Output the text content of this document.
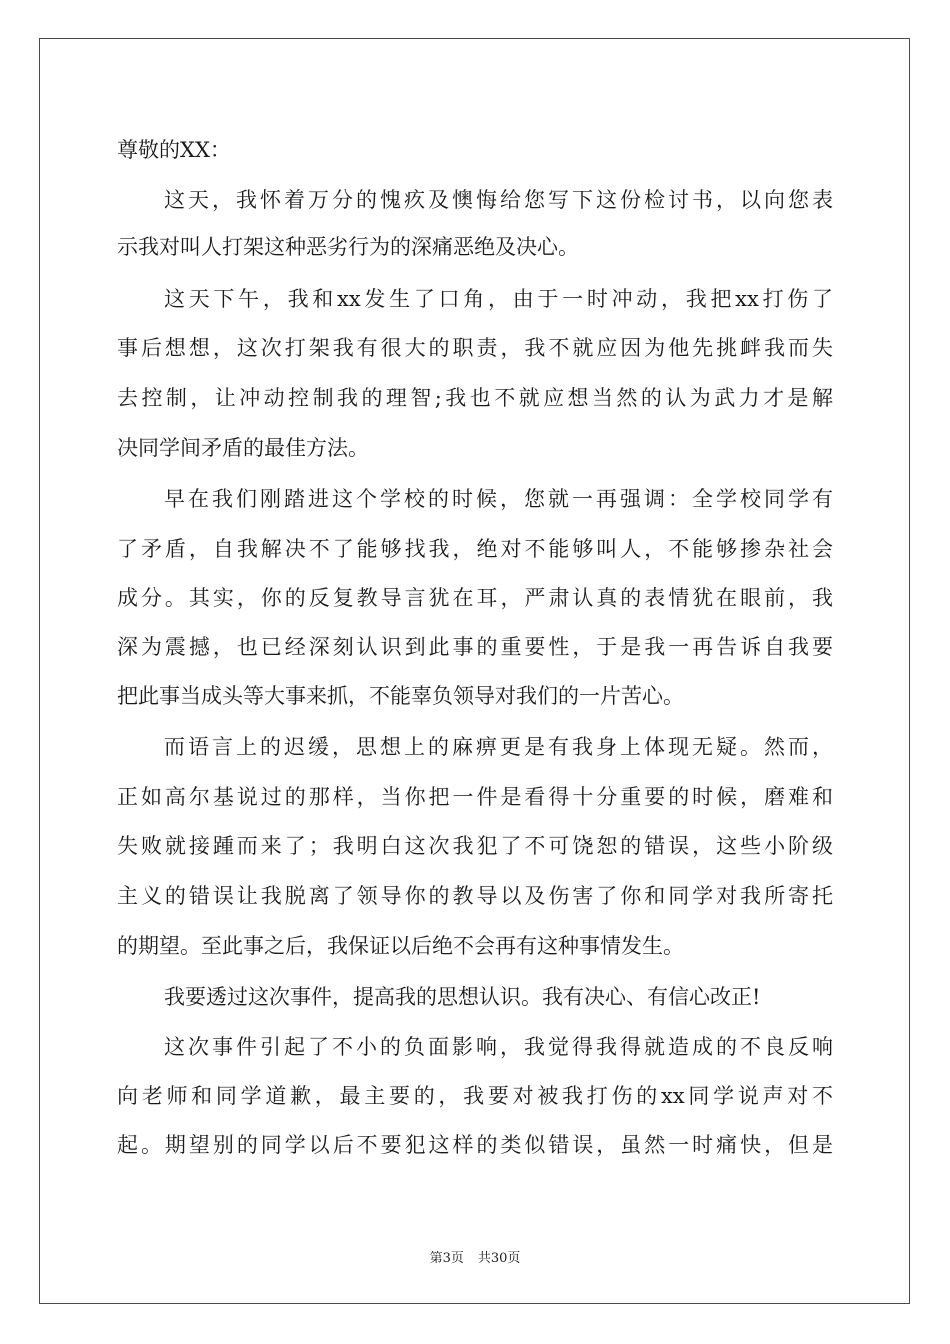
尊敬的XX：
这天，我怀着万分的愧疚及懊悔给您写下这份检讨书，以向您表
示我对叫人打架这种恶劣行为的深痛恶绝及决心。
这天下午，我和xx发生了口角，由于一时冲动，我把xx打伤了
事后想想，这次打架我有很大的职责，我不就应因为他先挑衅我而失
去控制，让冲动控制我的理智;我也不就应想当然的认为武力才是解
决同学间矛盾的最佳方法。
早在我们刚踏进这个学校的时候，您就一再强调：全学校同学有
了矛盾，自我解决不了能够找我，绝对不能够叫人，不能够掺杂社会
成分。其实，你的反复教导言犹在耳，严肃认真的表情犹在眼前，我
深为震撼，也已经深刻认识到此事的重要性，于是我一再告诉自我要
把此事当成头等大事来抓，不能辜负领导对我们的一片苦心。
而语言上的迟缓，思想上的麻痹更是有我身上体现无疑。然而，
正如高尔基说过的那样，当你把一件是看得十分重要的时候，磨难和
失败就接踵而来了；我明白这次我犯了不可饶恕的错误，这些小阶级
主义的错误让我脱离了领导你的教导以及伤害了你和同学对我所寄托
的期望。至此事之后，我保证以后绝不会再有这种事情发生。
我要透过这次事件，提高我的思想认识。我有决心、有信心改正!
这次事件引起了不小的负面影响，我觉得我得就造成的不良反响
向老师和同学道歉，最主要的，我要对被我打伤的xx同学说声对不
起。期望别的同学以后不要犯这样的类似错误，虽然一时痛快，但是
第3页 共30页
